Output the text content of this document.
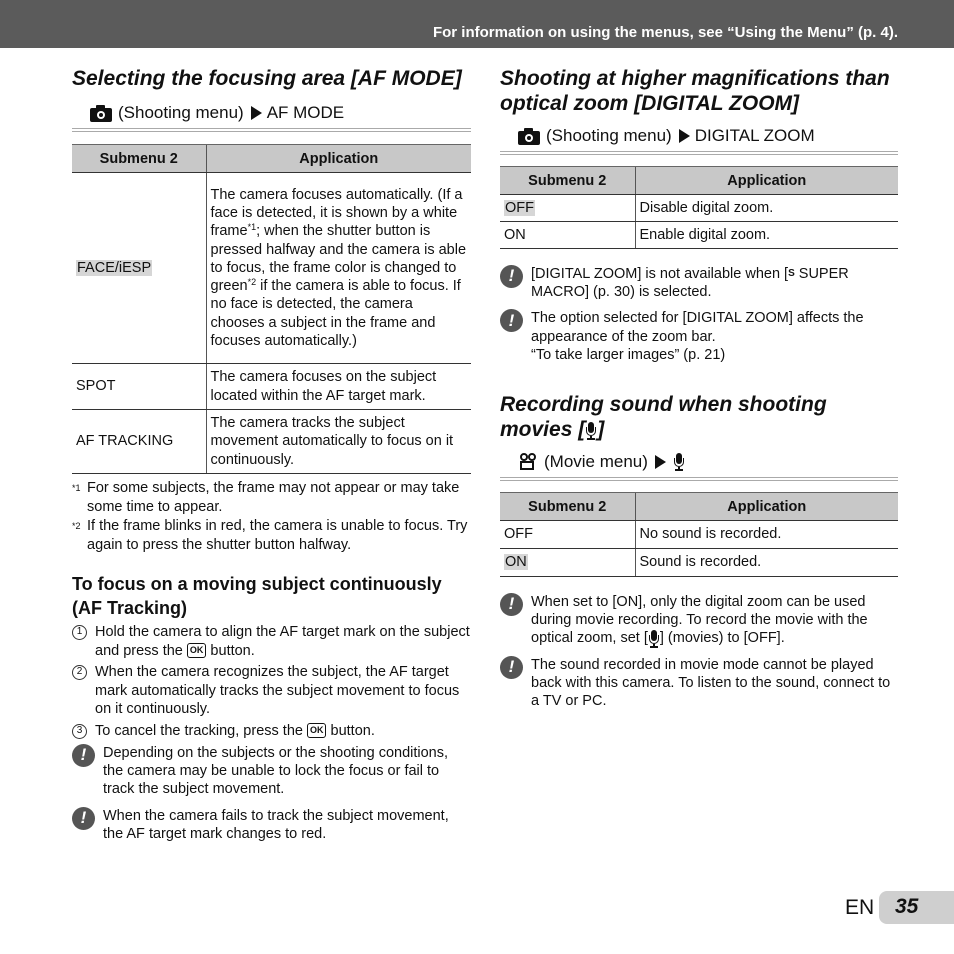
For information on using the menus, see “Using the Menu” (p. 4).
Selecting the focusing area [AF MODE]
(Shooting menu) AF MODE
Submenu 2	Application
FACE/iESP	The camera focuses automatically. (If a face is detected, it is shown by a white frame$^{*1}$; when the shutter button is pressed halfway and the camera is able to focus, the frame color is changed to green$^{*2}$ if the camera is able to focus. If no face is detected, the camera chooses a subject in the frame and focuses automatically.)
SPOT	The camera focuses on the subject located within the AF target mark.
AF TRACKING	The camera tracks the subject movement automatically to focus on it continuously.
*1 For some subjects, the frame may not appear or may take some time to appear.
*2 If the frame blinks in red, the camera is unable to focus. Try again to press the shutter button halfway.
To focus on a moving subject continuously (AF Tracking)
1 Hold the camera to align the AF target mark on the subject and press the OK button.
2 When the camera recognizes the subject, the AF target mark automatically tracks the subject movement to focus on it continuously.
3 To cancel the tracking, press the OK button.
!	Depending on the subjects or the shooting conditions, the camera may be unable to lock the focus or fail to track the subject movement.
!	When the camera fails to track the subject movement, the AF target mark changes to red.
Shooting at higher magnifications than optical zoom [DIGITAL ZOOM]
(Shooting menu) DIGITAL ZOOM
Submenu 2	Application
OFF	Disable digital zoom.
ON	Enable digital zoom.
!	[DIGITAL ZOOM] is not available when [S SUPER MACRO] (p. 30) is selected.
!	The option selected for [DIGITAL ZOOM] affects the appearance of the zoom bar.
“To take larger images” (p. 21)
Recording sound when shooting movies [ ]
(Movie menu)
Submenu 2	Application
OFF	No sound is recorded.
ON	Sound is recorded.
!	When set to [ON], only the digital zoom can be used during movie recording. To record the movie with the optical zoom, set [ ] (movies) to [OFF].
!	The sound recorded in movie mode cannot be played back with this camera. To listen to the sound, connect to a TV or PC.
EN 35
